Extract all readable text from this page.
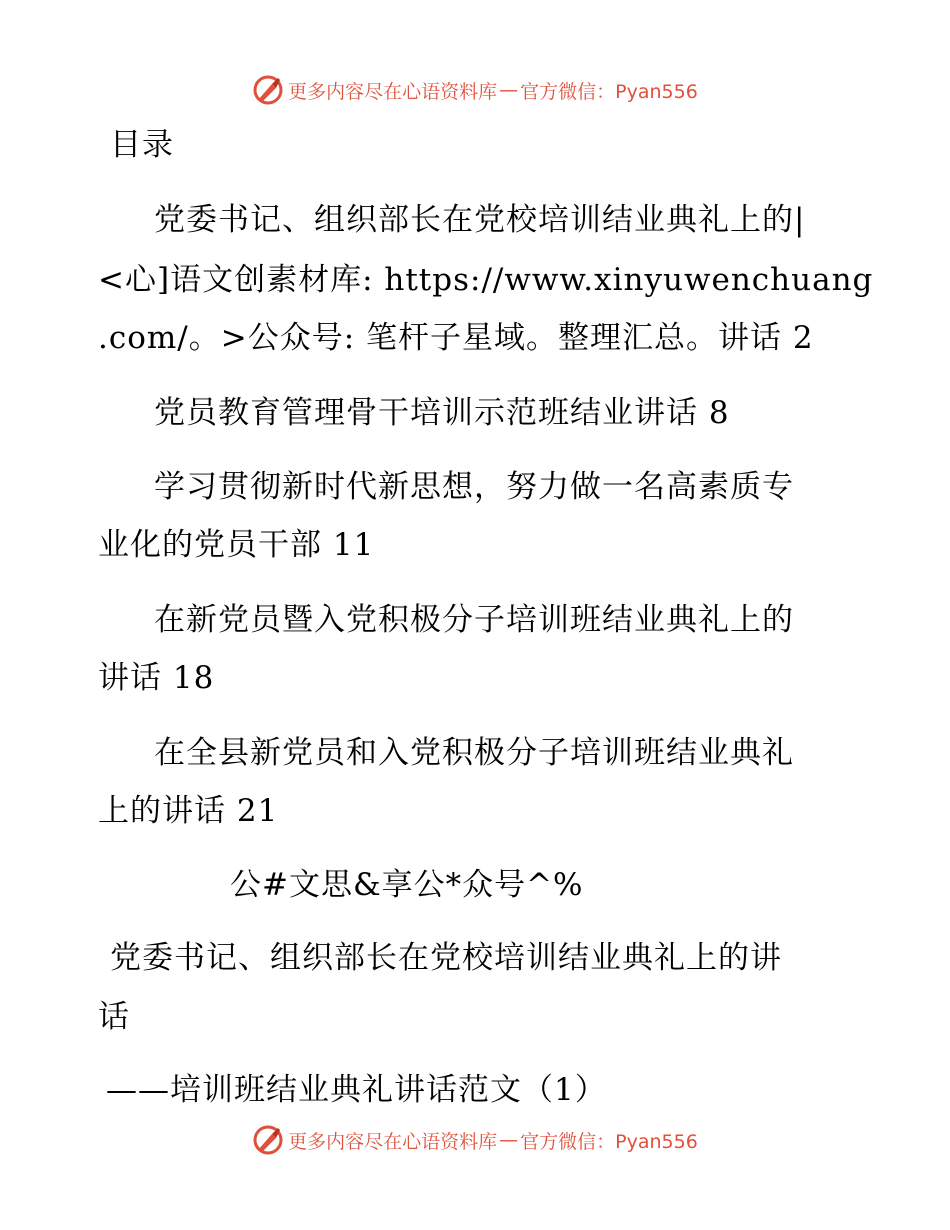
更多内容尽在心语资料库 — 官方微信：Pyan556
目录
党委书记、组织部长在党校培训结业典礼上的|
<心]语文创素材库: https://www.xinyuwenchuang
.com/。>公众号: 笔杆子星域。整理汇总。讲话 2
党员教育管理骨干培训示范班结业讲话 8
学习贯彻新时代新思想，努力做一名高素质专
业化的党员干部 11
在新党员暨入党积极分子培训班结业典礼上的
讲话 18
在全县新党员和入党积极分子培训班结业典礼
上的讲话 21
公#文思&享公*众号^%
党委书记、组织部长在党校培训结业典礼上的讲
话
——培训班结业典礼讲话范文（1）
更多内容尽在心语资料库 — 官方微信：Pyan556
